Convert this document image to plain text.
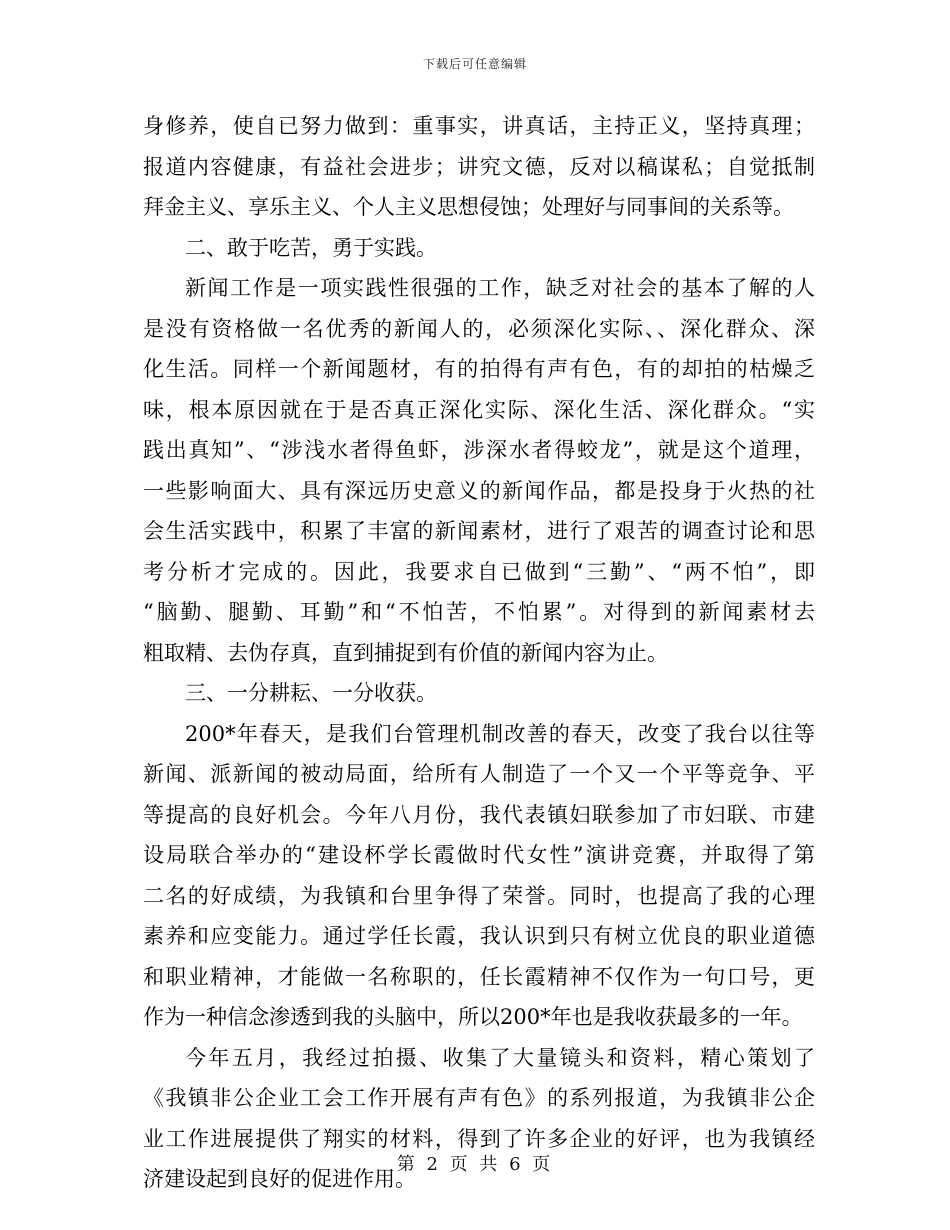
下载后可任意编辑
身修养，使自已努力做到：重事实，讲真话，主持正义，坚持真理；
报道内容健康，有益社会进步；讲究文德，反对以稿谋私；自觉抵制
拜金主义、享乐主义、个人主义思想侵蚀；处理好与同事间的关系等。
二、敢于吃苦，勇于实践。
新闻工作是一项实践性很强的工作，缺乏对社会的基本了解的人
是没有资格做一名优秀的新闻人的，必须深化实际、、深化群众、深
化生活。同样一个新闻题材，有的拍得有声有色，有的却拍的枯燥乏
味，根本原因就在于是否真正深化实际、深化生活、深化群众。“实
践出真知”、“涉浅水者得鱼虾，涉深水者得蛟龙”，就是这个道理，
一些影响面大、具有深远历史意义的新闻作品，都是投身于火热的社
会生活实践中，积累了丰富的新闻素材，进行了艰苦的调查讨论和思
考分析才完成的。因此，我要求自已做到“三勤”、“两不怕”，即
“脑勤、腿勤、耳勤”和“不怕苦，不怕累”。对得到的新闻素材去
粗取精、去伪存真，直到捕捉到有价值的新闻内容为止。
三、一分耕耘、一分收获。
200*年春天，是我们台管理机制改善的春天，改变了我台以往等
新闻、派新闻的被动局面，给所有人制造了一个又一个平等竞争、平
等提高的良好机会。今年八月份，我代表镇妇联参加了市妇联、市建
设局联合举办的“建设杯学长霞做时代女性”演讲竞赛，并取得了第
二名的好成绩，为我镇和台里争得了荣誉。同时，也提高了我的心理
素养和应变能力。通过学任长霞，我认识到只有树立优良的职业道德
和职业精神，才能做一名称职的，任长霞精神不仅作为一句口号，更
作为一种信念渗透到我的头脑中，所以200*年也是我收获最多的一年。
今年五月，我经过拍摄、收集了大量镜头和资料，精心策划了
《我镇非公企业工会工作开展有声有色》的系列报道，为我镇非公企
业工作进展提供了翔实的材料，得到了许多企业的好评，也为我镇经
济建设起到良好的促进作用。
第 2 页 共 6 页
